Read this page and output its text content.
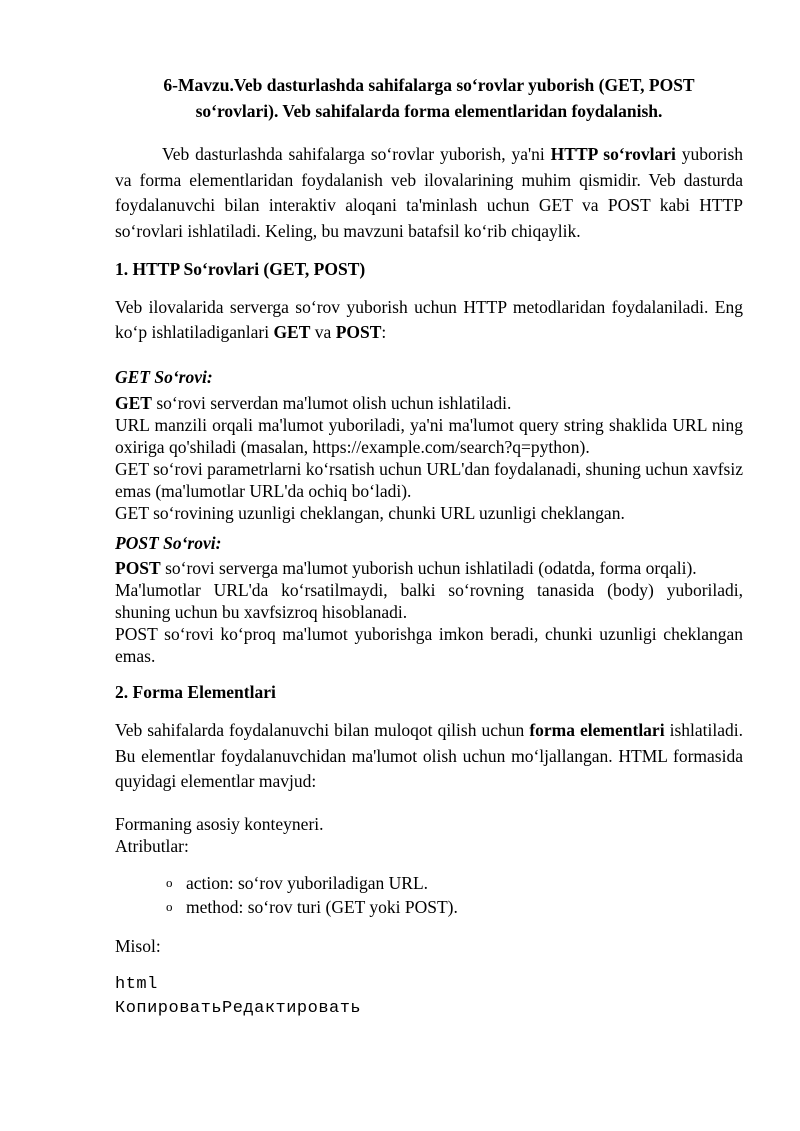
6-Mavzu.Veb dasturlashda sahifalarga so‘rovlar yuborish (GET, POST
so‘rovlari). Veb sahifalarda forma elementlaridan foydalanish.

Veb dasturlashda sahifalarga so‘rovlar yuborish, ya'ni HTTP so‘rovlari yuborish va forma elementlaridan foydalanish veb ilovalarining muhim qismidir. Veb dasturda foydalanuvchi bilan interaktiv aloqani ta'minlash uchun GET va POST kabi HTTP so‘rovlari ishlatiladi. Keling, bu mavzuni batafsil ko‘rib chiqaylik.

1. HTTP So‘rovlari (GET, POST)

Veb ilovalarida serverga so‘rov yuborish uchun HTTP metodlaridan foydalaniladi. Eng ko‘p ishlatiladiganlari GET va POST:

GET So‘rovi:

GET so‘rovi serverdan ma'lumot olish uchun ishlatiladi.

URL manzili orqali ma'lumot yuboriladi, ya'ni ma'lumot query string shaklida URL ning oxiriga qo'shiladi (masalan, https://example.com/search?q=python).

GET so‘rovi parametrlarni ko‘rsatish uchun URL'dan foydalanadi, shuning uchun xavfsiz emas (ma'lumotlar URL'da ochiq bo‘ladi).

GET so‘rovining uzunligi cheklangan, chunki URL uzunligi cheklangan.

POST So‘rovi:

POST so‘rovi serverga ma'lumot yuborish uchun ishlatiladi (odatda, forma orqali).

Ma'lumotlar URL'da ko‘rsatilmaydi, balki so‘rovning tanasida (body) yuboriladi, shuning uchun bu xavfsizroq hisoblanadi.

POST so‘rovi ko‘proq ma'lumot yuborishga imkon beradi, chunki uzunligi cheklangan emas.

2. Forma Elementlari

Veb sahifalarda foydalanuvchi bilan muloqot qilish uchun forma elementlari ishlatiladi. Bu elementlar foydalanuvchidan ma'lumot olish uchun mo‘ljallangan. HTML formasida quyidagi elementlar mavjud:

Formaning asosiy konteyneri.
Atributlar:
o action: so‘rov yuboriladigan URL.
o method: so‘rov turi (GET yoki POST).
Misol:
html
КопироватьРедактировать
